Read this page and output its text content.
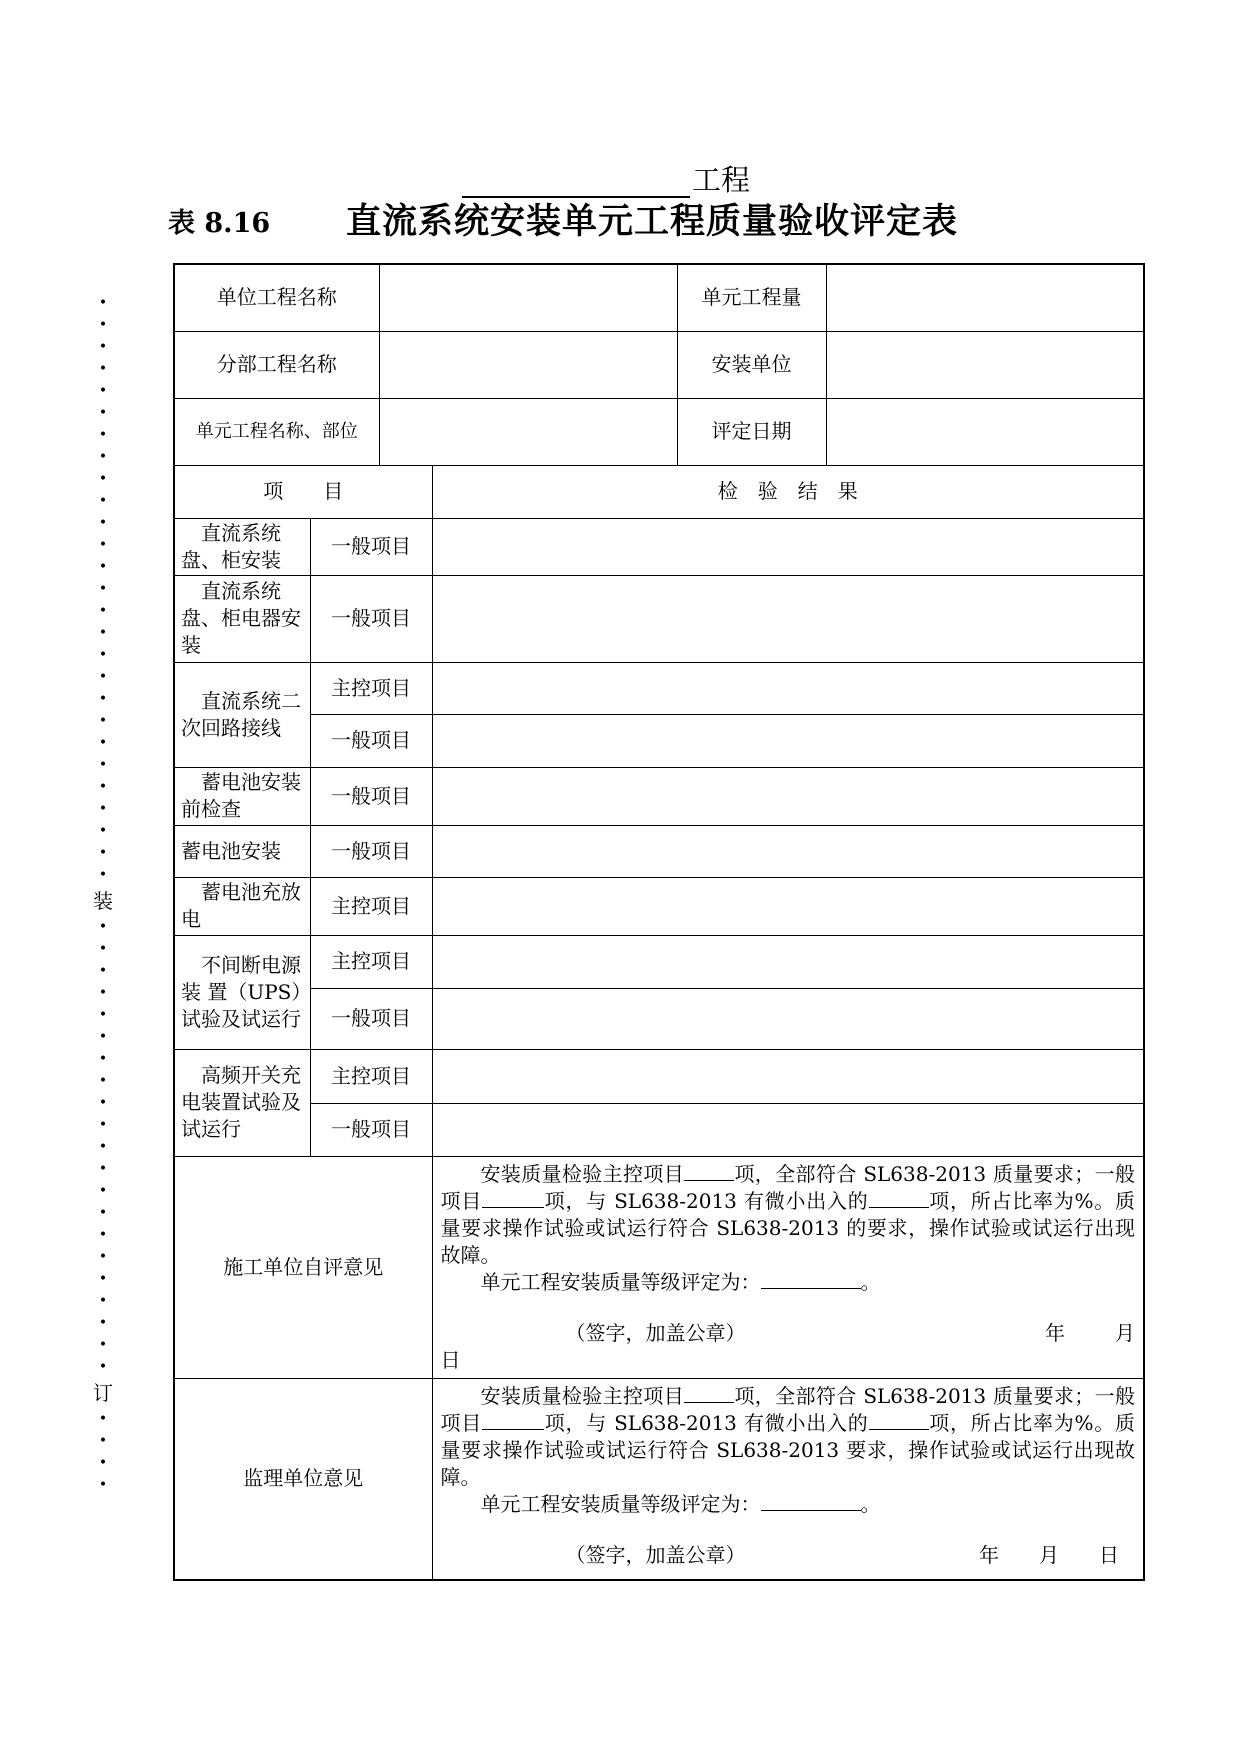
工程
表 8.16 直流系统安装单元工程质量验收评定表
•
•
•
•
•
•
•
•
•
•
•
•
•
•
•
•
•
•
•
•
•
•
•
•
•
•
•
装
•
•
•
•
•
•
•
•
•
•
•
•
•
•
•
•
•
•
•
•
•
订
•
•
•
•
单位工程名称				单元工程量	
分部工程名称				安装单位	
单元工程名称、部位				评定日期	
项　　目			检　验　结　果		
直流系统盘、柜安装	一般项目				
直流系统盘、柜电器安装	一般项目				
直流系统二次回路接线	主控项目				
	一般项目				
蓄电池安装前检查	一般项目				
蓄电池安装	一般项目				
蓄电池充放电	主控项目				
不间断电源 装 置（UPS）试验及试运行	主控项目				
	一般项目				
高频开关充电装置试验及试运行	主控项目				
	一般项目				
施工单位自评意见			安装质量检验主控项目 项，全部符合 SL638-2013 质量要求；一般项目 项，与 SL638-2013 有微小出入的 项，所占比率为%。质量要求操作试验或试运行符合 SL638-2013 的要求，操作试验或试运行出现故障。

单元工程安装质量等级评定为： 。

（签字，加盖公章） 年 月

日		

监理单位意见			安装质量检验主控项目 项，全部符合 SL638-2013 质量要求；一般项目 项，与 SL638-2013 有微小出入的 项，所占比率为%。质量要求操作试验或试运行符合 SL638-2013 要求，操作试验或试运行出现故障。

单元工程安装质量等级评定为： 。

（签字，加盖公章） 年 月 日		
